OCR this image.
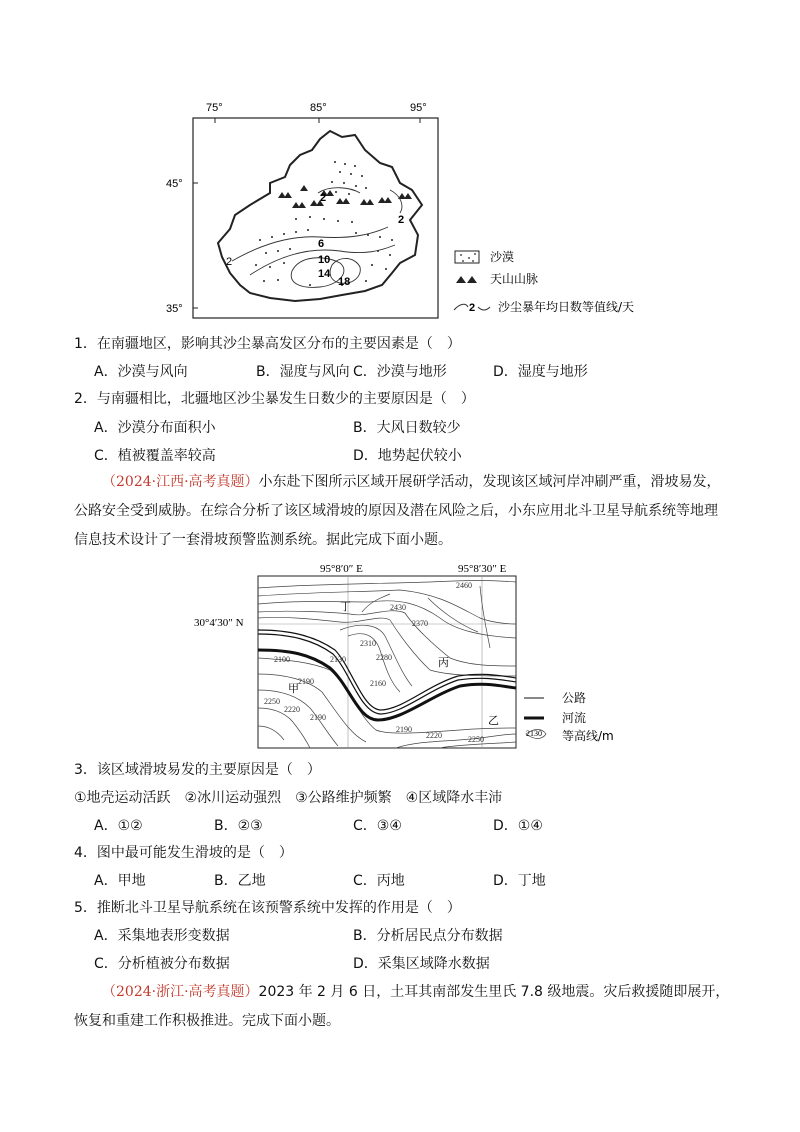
75°	85°	95°
45°
35°
2
2
6
10
14
18
2	沙漠
天山山脉
2 沙尘暴年均日数等值线/天
1．在南疆地区，影响其沙尘暴高发区分布的主要因素是（　）
A．沙漠与风向	B．湿度与风向 C．沙漠与地形	D．湿度与地形
2．与南疆相比，北疆地区沙尘暴发生日数少的主要原因是（　）
A．沙漠分布面积小	B．大风日数较少
C．植被覆盖率较高	D．地势起伏较小
（2024·江西·高考真题）小东赴下图所示区域开展研学活动，发现该区域河岸冲刷严重，滑坡易发，公路安全受到威胁。在综合分析了该区域滑坡的原因及潜在风险之后，小东应用北斗卫星导航系统等地理信息技术设计了一套滑坡预警监测系统。据此完成下面小题。
95°8′0″ E	95°8′30″ E
30°4′30″ N
丁
丙
甲
乙
2460
2430
2370
2310
2280
2130
2100
2160
2190
2250
2220
2190
2250
2220
2190
公路
河流
2130 等高线/m
3．该区域滑坡易发的主要原因是（　）
①地壳运动活跃　②冰川运动强烈　③公路维护频繁　④区域降水丰沛
A．①②	B．②③	C．③④	D．①④
4．图中最可能发生滑坡的是（　）
A．甲地	B．乙地	C．丙地	D．丁地
5．推断北斗卫星导航系统在该预警系统中发挥的作用是（　）
A．采集地表形变数据	B．分析居民点分布数据
C．分析植被分布数据	D．采集区域降水数据
（2024·浙江·高考真题）2023 年 2 月 6 日，土耳其南部发生里氏 7.8 级地震。灾后救援随即展开，恢复和重建工作积极推进。完成下面小题。
